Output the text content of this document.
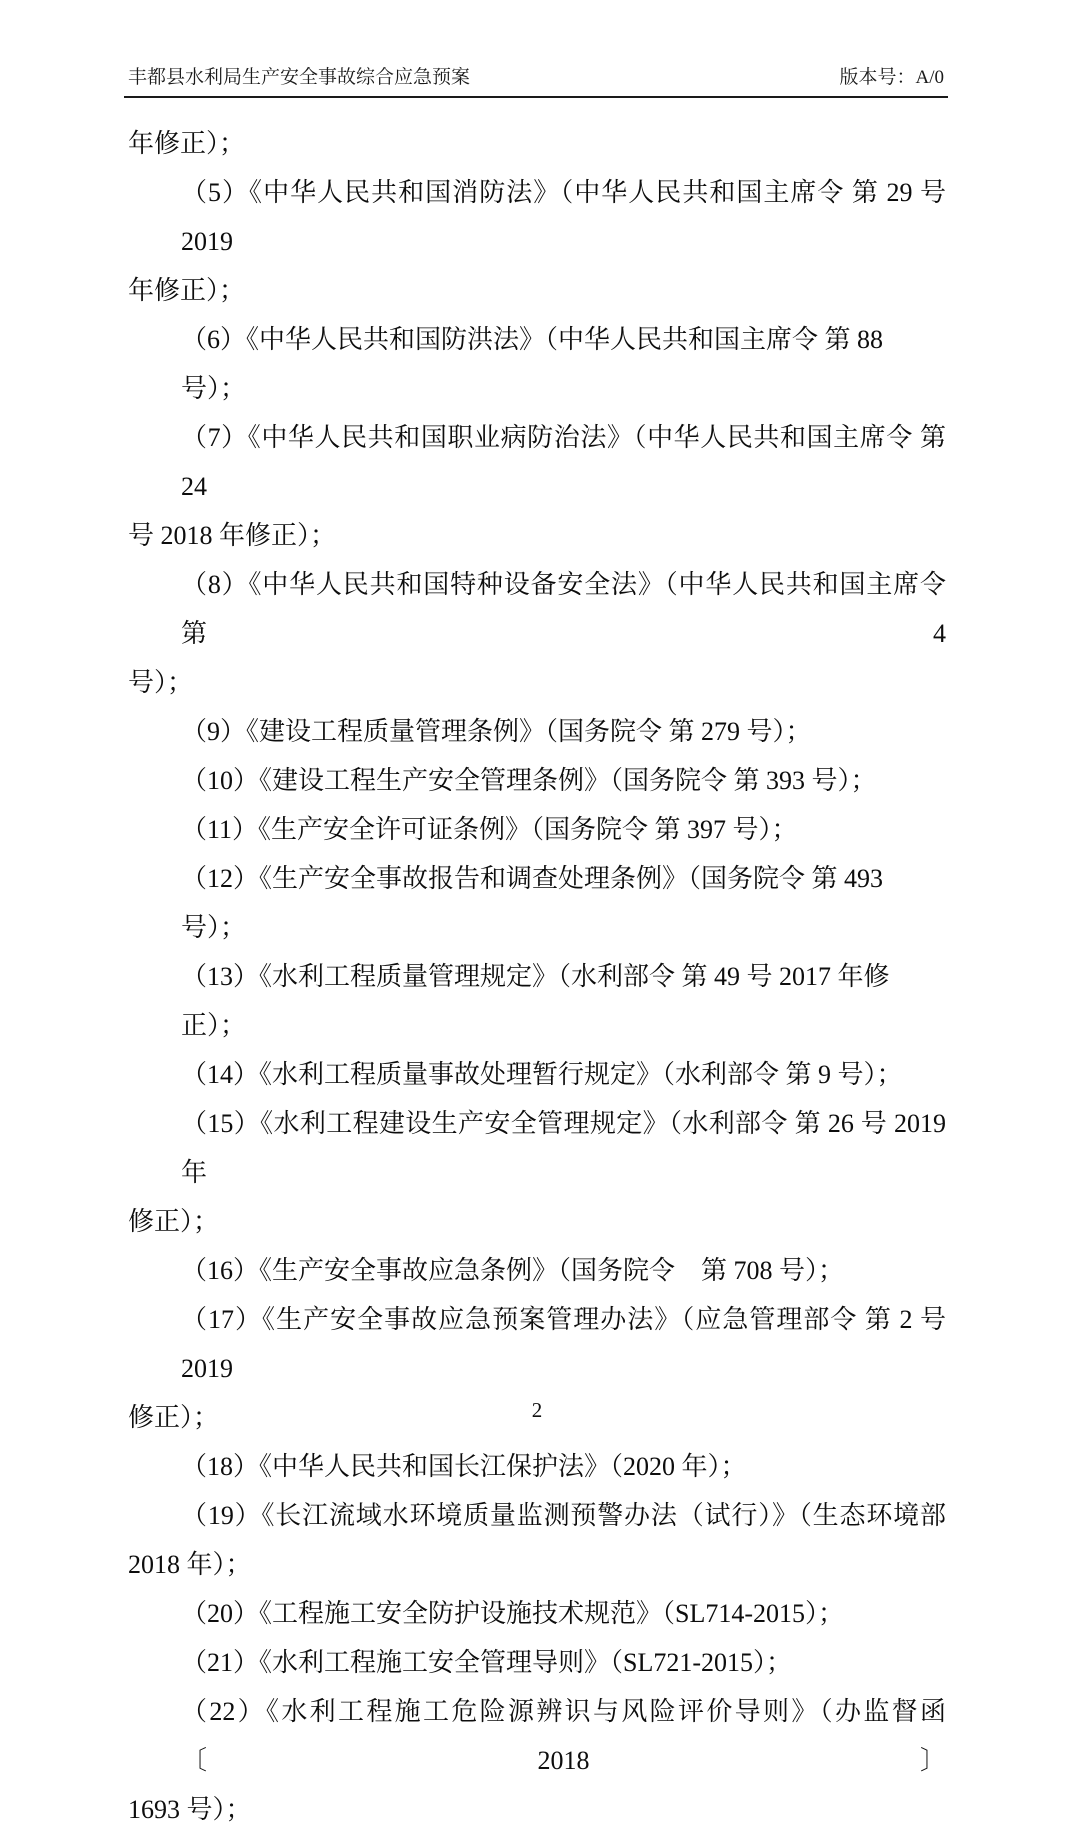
丰都县水利局生产安全事故综合应急预案	版本号：A/0
年修正）；
（5）《中华人民共和国消防法》（中华人民共和国主席令 第 29 号 2019
年修正）；
（6）《中华人民共和国防洪法》（中华人民共和国主席令 第 88 号）；
（7）《中华人民共和国职业病防治法》（中华人民共和国主席令 第 24
号 2018 年修正）；
（8）《中华人民共和国特种设备安全法》（中华人民共和国主席令 第 4
号）；
（9）《建设工程质量管理条例》（国务院令 第 279 号）；
（10）《建设工程生产安全管理条例》（国务院令 第 393 号）；
（11）《生产安全许可证条例》（国务院令 第 397 号）；
（12）《生产安全事故报告和调查处理条例》（国务院令 第 493 号）；
（13）《水利工程质量管理规定》（水利部令 第 49 号 2017 年修正）；
（14）《水利工程质量事故处理暂行规定》（水利部令 第 9 号）；
（15）《水利工程建设生产安全管理规定》（水利部令 第 26 号 2019 年
修正）；
（16）《生产安全事故应急条例》（国务院令　第 708 号）；
（17）《生产安全事故应急预案管理办法》（应急管理部令 第 2 号 2019
修正）；
（18）《中华人民共和国长江保护法》（2020 年）；
（19）《长江流域水环境质量监测预警办法（试行）》（生态环境部
2018 年）；
（20）《工程施工安全防护设施技术规范》（SL714-2015）；
（21）《水利工程施工安全管理导则》（SL721-2015）；
（22）《水利工程施工危险源辨识与风险评价导则》（办监督函〔2018〕
1693 号）；
2
